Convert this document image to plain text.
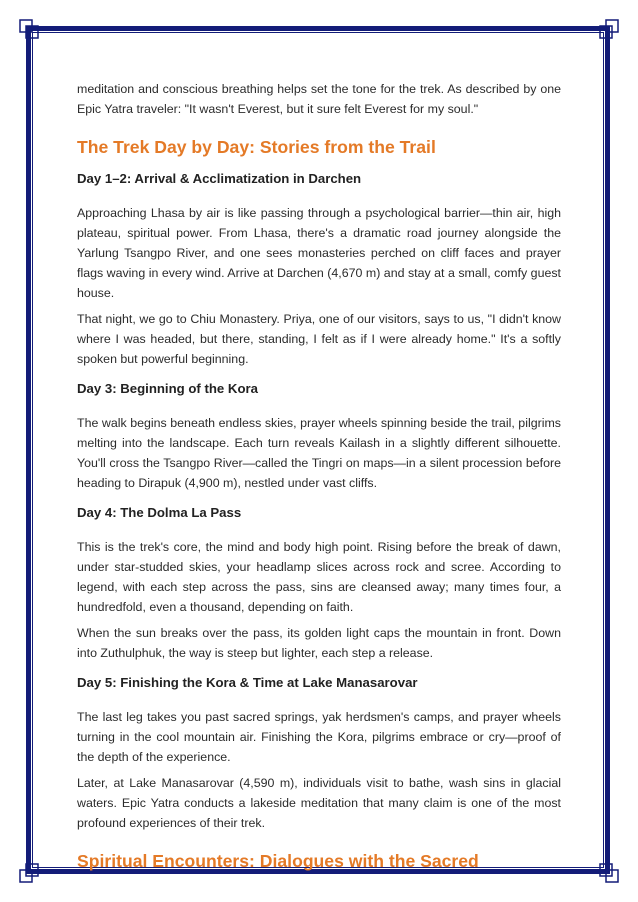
meditation and conscious breathing helps set the tone for the trek. As described by one Epic Yatra traveler: "It wasn't Everest, but it sure felt Everest for my soul."

The Trek Day by Day: Stories from the Trail
Day 1–2: Arrival & Acclimatization in Darchen

Approaching Lhasa by air is like passing through a psychological barrier—thin air, high plateau, spiritual power. From Lhasa, there's a dramatic road journey alongside the Yarlung Tsangpo River, and one sees monasteries perched on cliff faces and prayer flags waving in every wind. Arrive at Darchen (4,670 m) and stay at a small, comfy guest house.

That night, we go to Chiu Monastery. Priya, one of our visitors, says to us, "I didn't know where I was headed, but there, standing, I felt as if I were already home." It's a softly spoken but powerful beginning.

Day 3: Beginning of the Kora

The walk begins beneath endless skies, prayer wheels spinning beside the trail, pilgrims melting into the landscape. Each turn reveals Kailash in a slightly different silhouette. You'll cross the Tsangpo River—called the Tingri on maps—in a silent procession before heading to Dirapuk (4,900 m), nestled under vast cliffs.

Day 4: The Dolma La Pass

This is the trek's core, the mind and body high point. Rising before the break of dawn, under star-studded skies, your headlamp slices across rock and scree. According to legend, with each step across the pass, sins are cleansed away; many times four, a hundredfold, even a thousand, depending on faith.

When the sun breaks over the pass, its golden light caps the mountain in front. Down into Zuthulphuk, the way is steep but lighter, each step a release.

Day 5: Finishing the Kora & Time at Lake Manasarovar

The last leg takes you past sacred springs, yak herdsmen's camps, and prayer wheels turning in the cool mountain air. Finishing the Kora, pilgrims embrace or cry—proof of the depth of the experience.

Later, at Lake Manasarovar (4,590 m), individuals visit to bathe, wash sins in glacial waters. Epic Yatra conducts a lakeside meditation that many claim is one of the most profound experiences of their trek.

Spiritual Encounters: Dialogues with the Sacred
